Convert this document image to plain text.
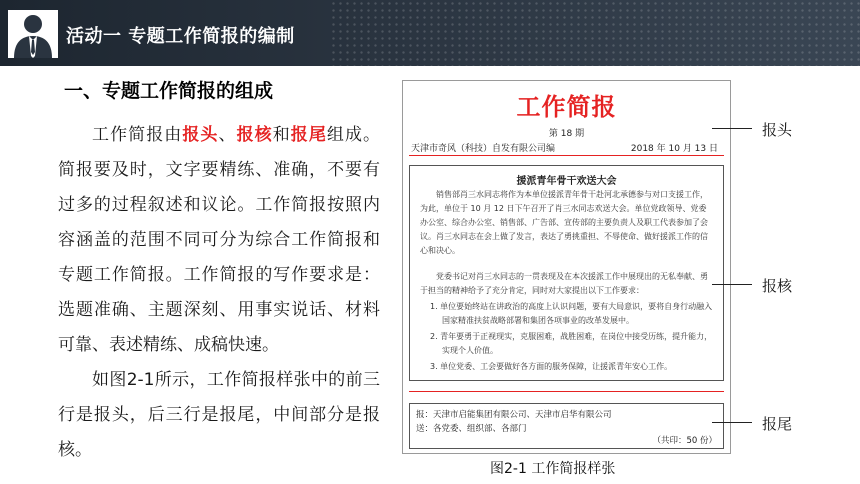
活动一 专题工作简报的编制
一、专题工作简报的组成

工作简报由报头、报核和报尾组成。简报要及时，文字要精练、准确，不要有过多的过程叙述和议论。工作简报按照内容涵盖的范围不同可分为综合工作简报和专题工作简报。工作简报的写作要求是：选题准确、主题深刻、用事实说话、材料可靠、表述精练、成稿快速。

如图2-1所示，工作简报样张中的前三行是报头，后三行是报尾，中间部分是报核。

工作简报
第 18 期
天津市奇风（科技）自发有限公司编	2018 年 10 月 13 日
援派青年骨干欢送大会
销售部肖三水同志将作为本单位援派青年骨干赴河北承德参与对口支援工作，为此，单位于 10 月 12 日下午召开了肖三水同志欢送大会。单位党政领导、党委办公室、综合办公室、销售部、广告部、宣传部的主要负责人及职工代表参加了会议。肖三水同志在会上做了发言，表达了勇挑重担、不辱使命、做好援派工作的信心和决心。
党委书记对肖三水同志的一贯表现及在本次援派工作中展现出的无私奉献、勇于担当的精神给予了充分肯定，同时对大家提出以下工作要求：
1. 单位要始终站在讲政治的高度上认识问题，要有大局意识，要将自身行动融入国家精准扶贫战略部署和集团各项事业的改革发展中。
2. 青年要勇于正视现实，克服困难，战胜困难，在岗位中接受历练，提升能力，实现个人价值。
3. 单位党委、工会要做好各方面的服务保障，让援派青年安心工作。
报：天津市启能集团有限公司、天津市启华有限公司
送：各党委、组织部、各部门
（共印：50 份）
图2-1 工作简报样张
报头
报核
报尾
